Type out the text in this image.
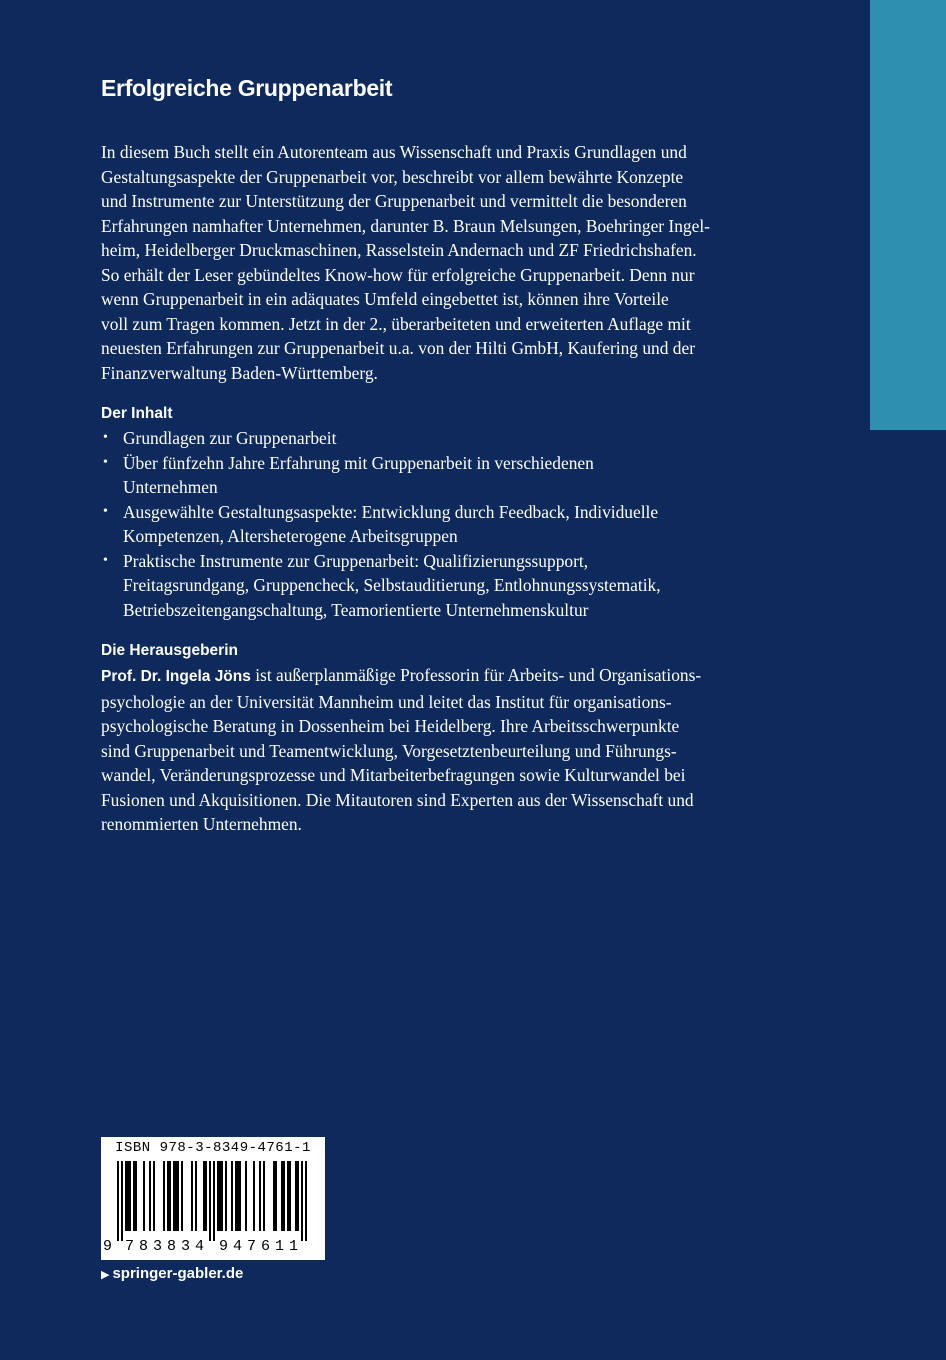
Erfolgreiche Gruppenarbeit
In diesem Buch stellt ein Autorenteam aus Wissenschaft und Praxis Grundlagen und
Gestaltungsaspekte der Gruppenarbeit vor, beschreibt vor allem bewährte Konzepte
und Instrumente zur Unterstützung der Gruppenarbeit und vermittelt die besonderen
Erfahrungen namhafter Unternehmen, darunter B. Braun Melsungen, Boehringer Ingel-
heim, Heidelberger Druckmaschinen, Rasselstein Andernach und ZF Friedrichshafen.
So erhält der Leser gebündeltes Know-how für erfolgreiche Gruppenarbeit. Denn nur
wenn Gruppenarbeit in ein adäquates Umfeld eingebettet ist, können ihre Vorteile
voll zum Tragen kommen. Jetzt in der 2., überarbeiteten und erweiterten Auflage mit
neuesten Erfahrungen zur Gruppenarbeit u.a. von der Hilti GmbH, Kaufering und der
Finanzverwaltung Baden-Württemberg.
Der Inhalt
• Grundlagen zur Gruppenarbeit
• Über fünfzehn Jahre Erfahrung mit Gruppenarbeit in verschiedenen
Unternehmen
• Ausgewählte Gestaltungsaspekte: Entwicklung durch Feedback, Individuelle
Kompetenzen, Altersheterogene Arbeitsgruppen
• Praktische Instrumente zur Gruppenarbeit: Qualifizierungssupport,
Freitagsrundgang, Gruppencheck, Selbstauditierung, Entlohnungssystematik,
Betriebszeitengangschaltung, Teamorientierte Unternehmenskultur
Die Herausgeberin
Prof. Dr. Ingela Jöns ist außerplanmäßige Professorin für Arbeits- und Organisations-
psychologie an der Universität Mannheim und leitet das Institut für organisations-
psychologische Beratung in Dossenheim bei Heidelberg. Ihre Arbeitsschwerpunkte
sind Gruppenarbeit und Teamentwicklung, Vorgesetztenbeurteilung und Führungs-
wandel, Veränderungsprozesse und Mitarbeiterbefragungen sowie Kulturwandel bei
Fusionen und Akquisitionen. Die Mitautoren sind Experten aus der Wissenschaft und
renommierten Unternehmen.
ISBN 978-3-8349-4761-1
9 7 8 3 8 3 4 9 4 7 6 1 1
▶ springer-gabler.de
